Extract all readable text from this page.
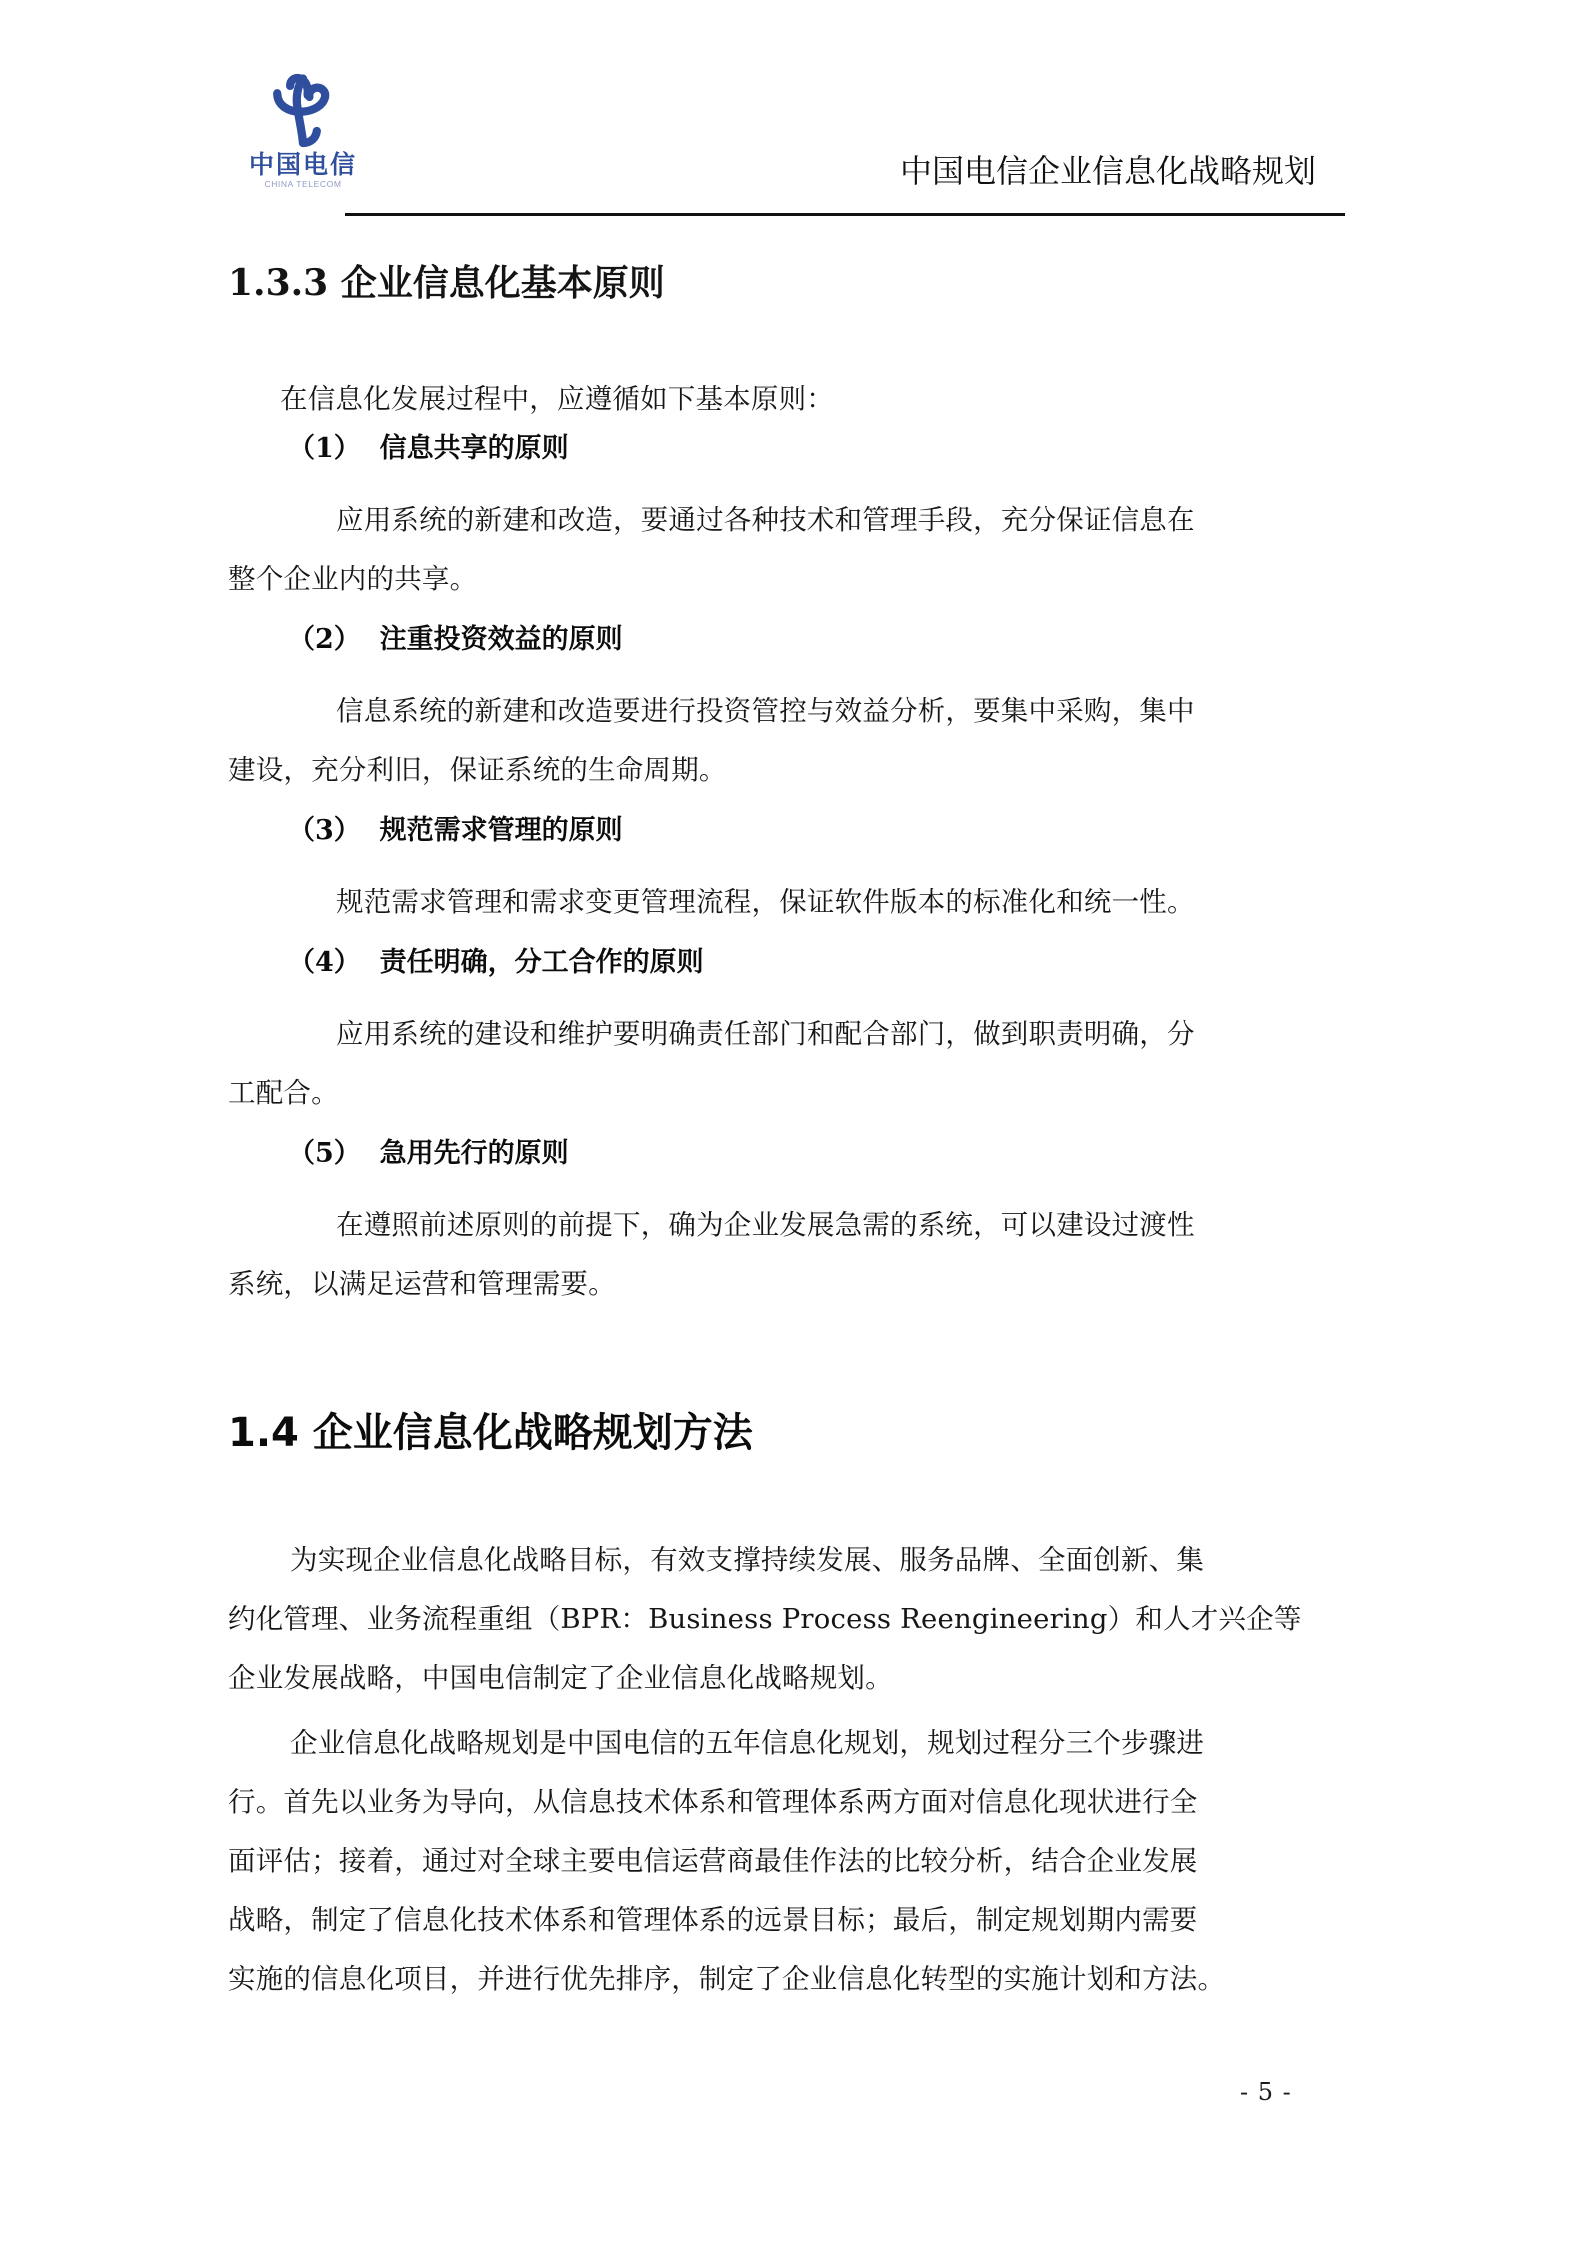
中国电信
CHINA TELECOM	中国电信企业信息化战略规划
1.3.3 企业信息化基本原则
在信息化发展过程中，应遵循如下基本原则：
（1） 信息共享的原则
应用系统的新建和改造，要通过各种技术和管理手段，充分保证信息在
整个企业内的共享。
（2） 注重投资效益的原则
信息系统的新建和改造要进行投资管控与效益分析，要集中采购，集中
建设，充分利旧，保证系统的生命周期。
（3） 规范需求管理的原则
规范需求管理和需求变更管理流程，保证软件版本的标准化和统一性。
（4） 责任明确，分工合作的原则
应用系统的建设和维护要明确责任部门和配合部门，做到职责明确，分
工配合。
（5） 急用先行的原则
在遵照前述原则的前提下，确为企业发展急需的系统，可以建设过渡性
系统，以满足运营和管理需要。
1.4 企业信息化战略规划方法
为实现企业信息化战略目标，有效支撑持续发展、服务品牌、全面创新、集
约化管理、业务流程重组（BPR：Business Process Reengineering）和人才兴企等
企业发展战略，中国电信制定了企业信息化战略规划。
企业信息化战略规划是中国电信的五年信息化规划，规划过程分三个步骤进
行。首先以业务为导向，从信息技术体系和管理体系两方面对信息化现状进行全
面评估；接着，通过对全球主要电信运营商最佳作法的比较分析，结合企业发展
战略，制定了信息化技术体系和管理体系的远景目标；最后，制定规划期内需要
实施的信息化项目，并进行优先排序，制定了企业信息化转型的实施计划和方法。
- 5 -
